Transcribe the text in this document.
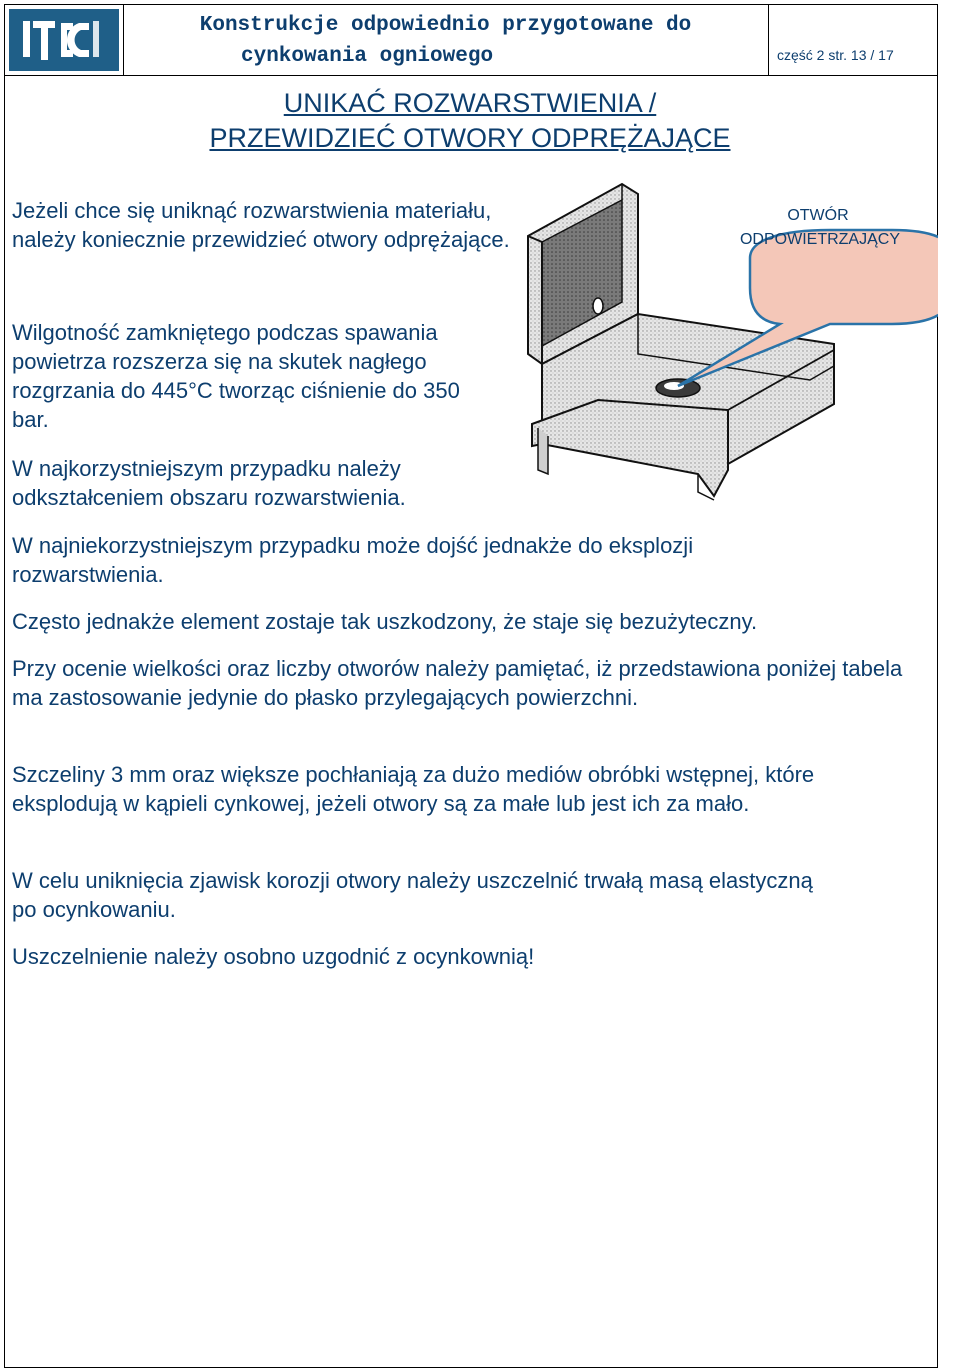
Konstrukcje odpowiednio przygotowane do
cynkowania ogniowego	część 2 str. 13 / 17
UNIKAĆ ROZWARSTWIENIA /
PRZEWIDZIEĆ OTWORY ODPRĘŻAJĄCE
Jeżeli chce się uniknąć rozwarstwienia materiału, należy koniecznie przewidzieć otwory odprężające.
Wilgotność zamkniętego podczas spawania powietrza rozszerza się na skutek nagłego rozgrzania do 445°C tworząc ciśnienie do 350 bar.
W najkorzystniejszym przypadku należy odkształceniem obszaru rozwarstwienia.
W najniekorzystniejszym przypadku może dojść jednakże do eksplozji rozwarstwienia.
Często jednakże element zostaje tak uszkodzony, że staje się bezużyteczny.
Przy ocenie wielkości oraz liczby otworów należy pamiętać, iż przedstawiona poniżej tabela ma zastosowanie jedynie do płasko przylegających powierzchni.
Szczeliny 3 mm oraz większe pochłaniają za dużo mediów obróbki wstępnej, które eksplodują w kąpieli cynkowej, jeżeli otwory są za małe lub jest ich za mało.
W celu uniknięcia zjawisk korozji otwory należy uszczelnić trwałą masą elastyczną po ocynkowaniu.
Uszczelnienie należy osobno uzgodnić z ocynkownią!
OTWÓR
ODPOWIETRZAJĄCY
